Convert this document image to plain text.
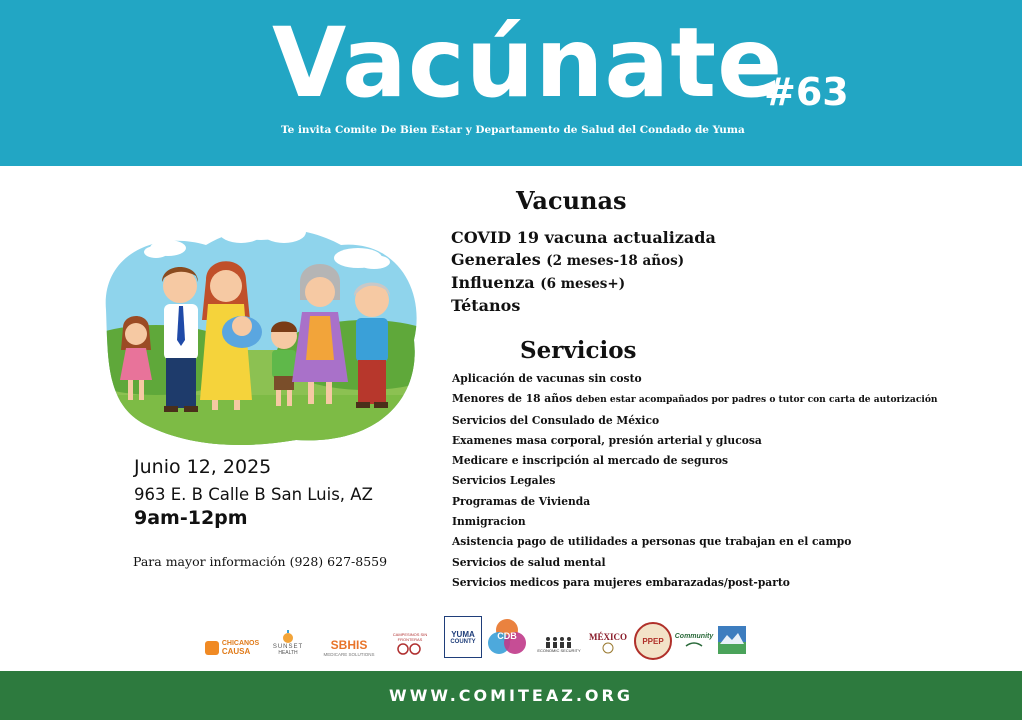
Vacúnate
#63
Te invita Comite De Bien Estar y Departamento de Salud del Condado de Yuma
Vacunas
COVID 19 vacuna actualizada
Generales (2 meses-18 años)
Influenza (6 meses+)
Tétanos
Servicios
Aplicación de vacunas sin costo
Menores de 18 años deben estar acompañados por padres o tutor con carta de autorización
Servicios del Consulado de México
Examenes masa corporal, presión arterial y glucosa
Medicare e inscripción al mercado de seguros
Servicios Legales
Programas de Vivienda
Inmigracion
Asistencia pago de utilidades a personas que trabajan en el campo
Servicios de salud mental
Servicios medicos para mujeres embarazadas/post-parto
Junio 12, 2025
963 E. B Calle B San Luis, AZ
9am-12pm
Para mayor información (928) 627-8559
CHICANOS
CAUSA	SUNSET
HEALTH
SBHIS
MEDICARE SOLUTIONS
CAMPESINOS SIN FRONTERAS
YUMA
COUNTY
CDB
ECONOMIC SECURITY
MÉXICO PPEP
Community
WWW.COMITEAZ.ORG
